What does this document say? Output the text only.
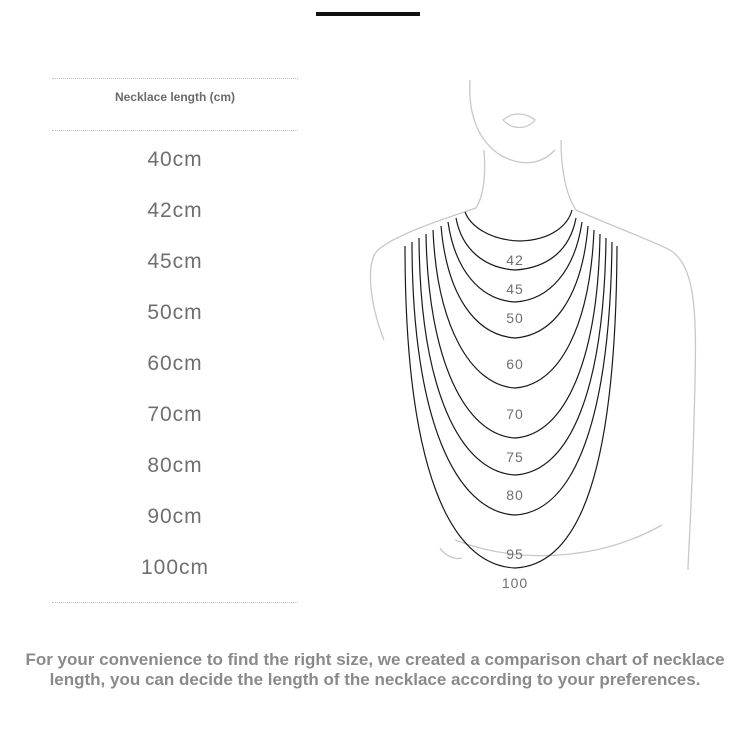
Necklace length (cm)
40cm
42cm
45cm
50cm
60cm
70cm
80cm
90cm
100cm
42
45
50
60
70
75
80
95
100
For your convenience to find the right size, we created a comparison chart of necklace length, you can decide the length of the necklace according to your preferences.
